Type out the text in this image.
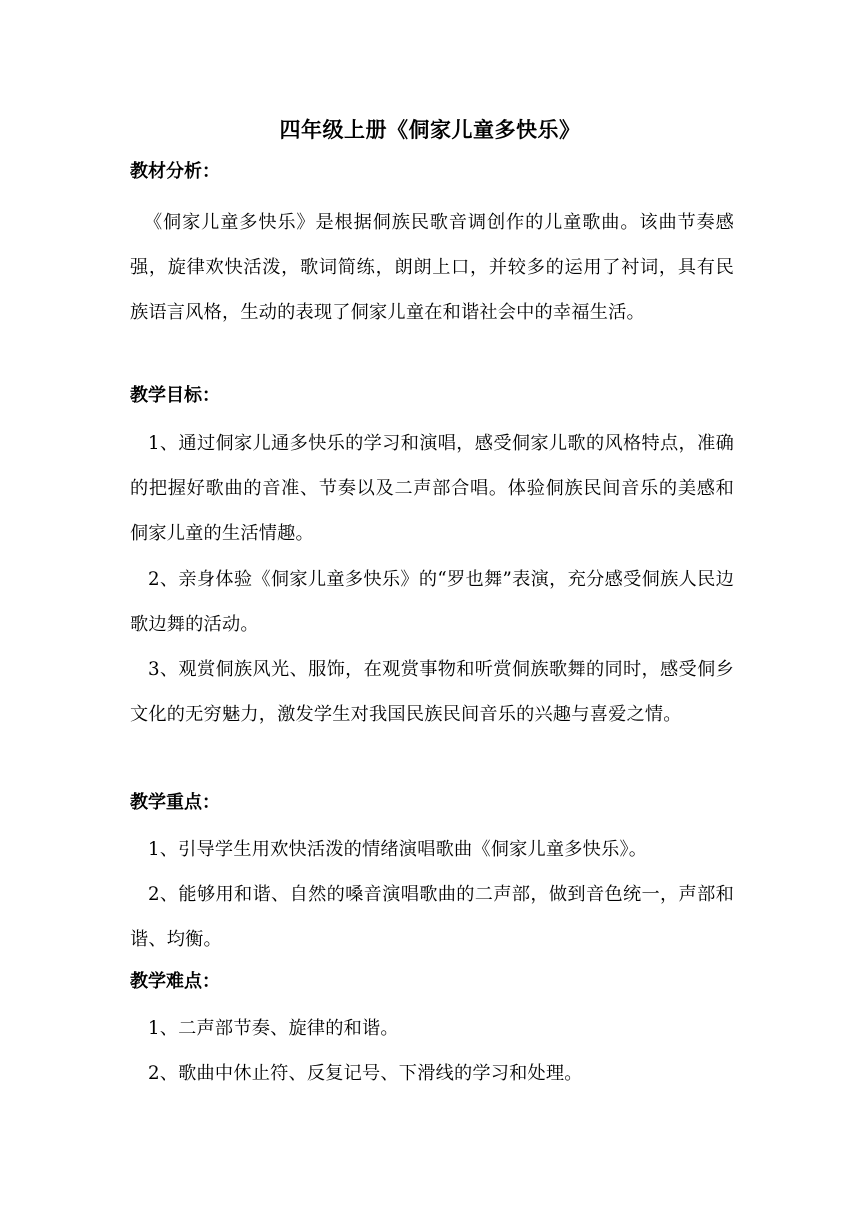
四年级上册《侗家儿童多快乐》
教材分析：
《侗家儿童多快乐》是根据侗族民歌音调创作的儿童歌曲。该曲节奏感强，旋律欢快活泼，歌词简练，朗朗上口，并较多的运用了衬词，具有民族语言风格，生动的表现了侗家儿童在和谐社会中的幸福生活。
教学目标：
1、通过侗家儿通多快乐的学习和演唱，感受侗家儿歌的风格特点，准确的把握好歌曲的音准、节奏以及二声部合唱。体验侗族民间音乐的美感和侗家儿童的生活情趣。
2、亲身体验《侗家儿童多快乐》的“罗也舞”表演，充分感受侗族人民边歌边舞的活动。
3、观赏侗族风光、服饰，在观赏事物和听赏侗族歌舞的同时，感受侗乡文化的无穷魅力，激发学生对我国民族民间音乐的兴趣与喜爱之情。
教学重点：
1、引导学生用欢快活泼的情绪演唱歌曲《侗家儿童多快乐》。
2、能够用和谐、自然的嗓音演唱歌曲的二声部，做到音色统一，声部和谐、均衡。
教学难点：
1、二声部节奏、旋律的和谐。
2、歌曲中休止符、反复记号、下滑线的学习和处理。
